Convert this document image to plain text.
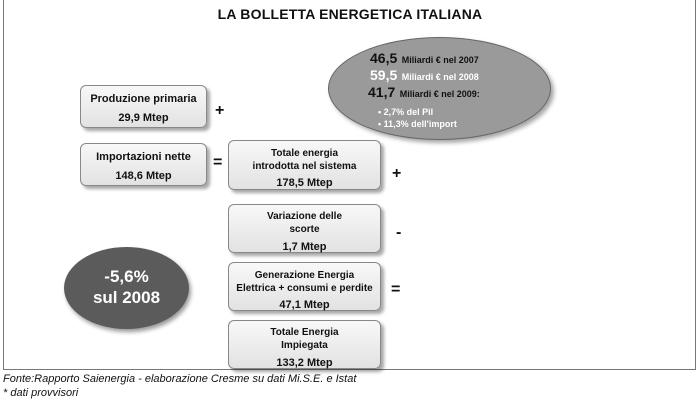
LA BOLLETTA ENERGETICA ITALIANA
46,5 Miliardi € nel 2007
59,5 Miliardi € nel 2008
41,7 Miliardi € nel 2009:
• 2,7% del Pil
• 11,3% dell'import
Produzione primaria
29,9 Mtep	+
Importazioni nette
148,6 Mtep
=
Totale energia
introdotta nel sistema
178,5 Mtep
+
Variazione delle
scorte
1,7 Mtep
-
Generazione Energia
Elettrica + consumi e perdite
47,1 Mtep
=
Totale Energia
Impiegata
133,2 Mtep
-5,6%
sul 2008
Fonte:Rapporto Saienergia - elaborazione Cresme su dati Mi.S.E. e Istat
* dati provvisori
